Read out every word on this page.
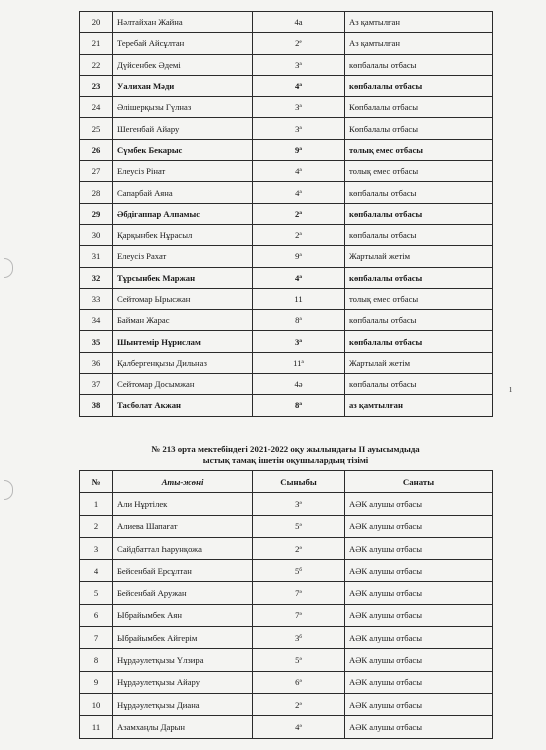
ı
20	Нəлтайхан Жайна	4а	Аз қамтылған
21	Теребай Айсұлтан	$2^е$	Аз қамтылған
22	Дүйсенбек Әдемі	$3^а$	көпбалалы отбасы
23	Уалихан Мәди	$4^а$	көпбалалы отбасы
24	Әлішерқызы Гүлназ	$3^а$	Көпбалалы отбасы
25	Шегенбай Айару	$3^а$	Көпбалалы отбасы
26	Сүмбек Бекарыс	$9^а$	толық емес отбасы
27	Елеусіз Рінат	$4^а$	толық емес отбасы
28	Сапарбай Аяна	$4^а$	көпбалалы отбасы
29	Әбдігаппар Алпамыс	$2^а$	көпбалалы отбасы
30	Қарқынбек Нұрасыл	$2^а$	көпбалалы отбасы
31	Елеусіз Рахат	$9^а$	Жартылай жетім
32	Тұрсынбек Маржан	$4^а$	көпбалалы отбасы
33	Сейтомар Ырысжан	11	толық емес отбасы
34	Байман Жарас	$8^а$	көпбалалы отбасы
35	Шынтемір Нұрислам	$3^а$	көпбалалы отбасы
36	Қалбергенқызы Дильназ	$11^а$	Жартылай жетім
37	Сейтомар Досымжан	4ə	көпбалалы отбасы
38	Тасболат Акжан	$8^а$	аз қамтылған
№ 213 орта мектебіндегі 2021-2022 оқу жылындағы II ауысымдыда
ыстық тамақ ішетін оқушылардың тізімі
№	Аты-жөні	Сыныбы	Санаты
1	Али Нұртілек	$3^ə$	АӘК алушы отбасы
2	Алиева Шапағат	$5^ə$	АӘК алушы отбасы
3	Сайдбаттал Һарунқожа	$2^ə$	АӘК алушы отбасы
4	Бейсенбай Ерсұлтан	$5^б$	АӘК алушы отбасы
5	Бейсенбай Аружан	$7^ə$	АӘК алушы отбасы
6	Ыбрайымбек Аян	$7^ə$	АӘК алушы отбасы
7	Ыбрайымбек Айгерім	$3^б$	АӘК алушы отбасы
8	Нұрдәулетқызы Үлзира	$5^ə$	АӘК алушы отбасы
9	Нұрдәулетқызы Айару	$6^ə$	АӘК алушы отбасы
10	Нұрдәулетқызы Диана	$2^ə$	АӘК алушы отбасы
11	Азамхаңлы Дарын	$4^ə$	АӘК алушы отбасы
